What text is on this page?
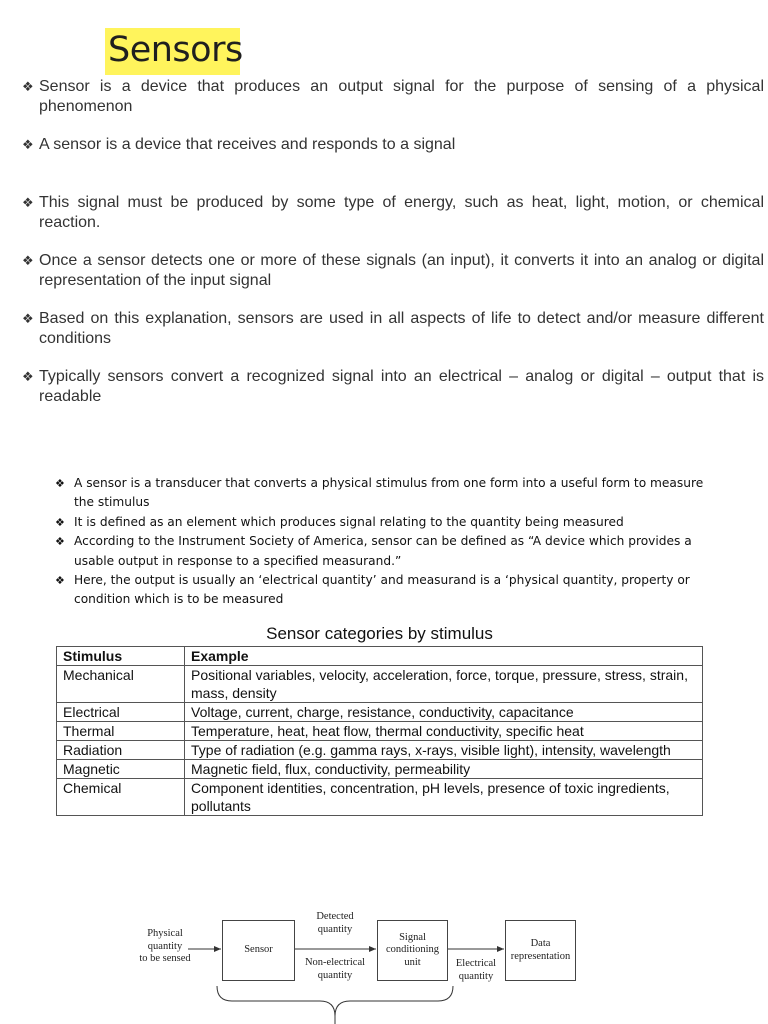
Sensors
❖ Sensor is a device that produces an output signal for the purpose of sensing of a physical phenomenon
❖ A sensor is a device that receives and responds to a signal
❖ This signal must be produced by some type of energy, such as heat, light, motion, or chemical reaction.
❖ Once a sensor detects one or more of these signals (an input), it converts it into an analog or digital representation of the input signal
❖ Based on this explanation, sensors are used in all aspects of life to detect and/or measure different conditions
❖ Typically sensors convert a recognized signal into an electrical – analog or digital – output that is readable
❖ A sensor is a transducer that converts a physical stimulus from one form into a useful form to measure the stimulus
❖ It is defined as an element which produces signal relating to the quantity being measured
❖ According to the Instrument Society of America, sensor can be defined as “A device which provides a usable output in response to a specified measurand.”
❖ Here, the output is usually an ‘electrical quantity’ and measurand is a ‘physical quantity, property or condition which is to be measured
Sensor categories by stimulus
Stimulus	Example
Mechanical	Positional variables, velocity, acceleration, force, torque, pressure, stress, strain, mass, density
Electrical	Voltage, current, charge, resistance, conductivity, capacitance
Thermal	Temperature, heat, heat flow, thermal conductivity, specific heat
Radiation	Type of radiation (e.g. gamma rays, x-rays, visible light), intensity, wavelength
Magnetic	Magnetic field, flux, conductivity, permeability
Chemical	Component identities, concentration, pH levels, presence of toxic ingredients, pollutants
Physical
quantity
to be sensed
Sensor
Detected
quantity
Non-electrical
quantity
Signal
conditioning
unit	Electrical
quantity
Data
representation
